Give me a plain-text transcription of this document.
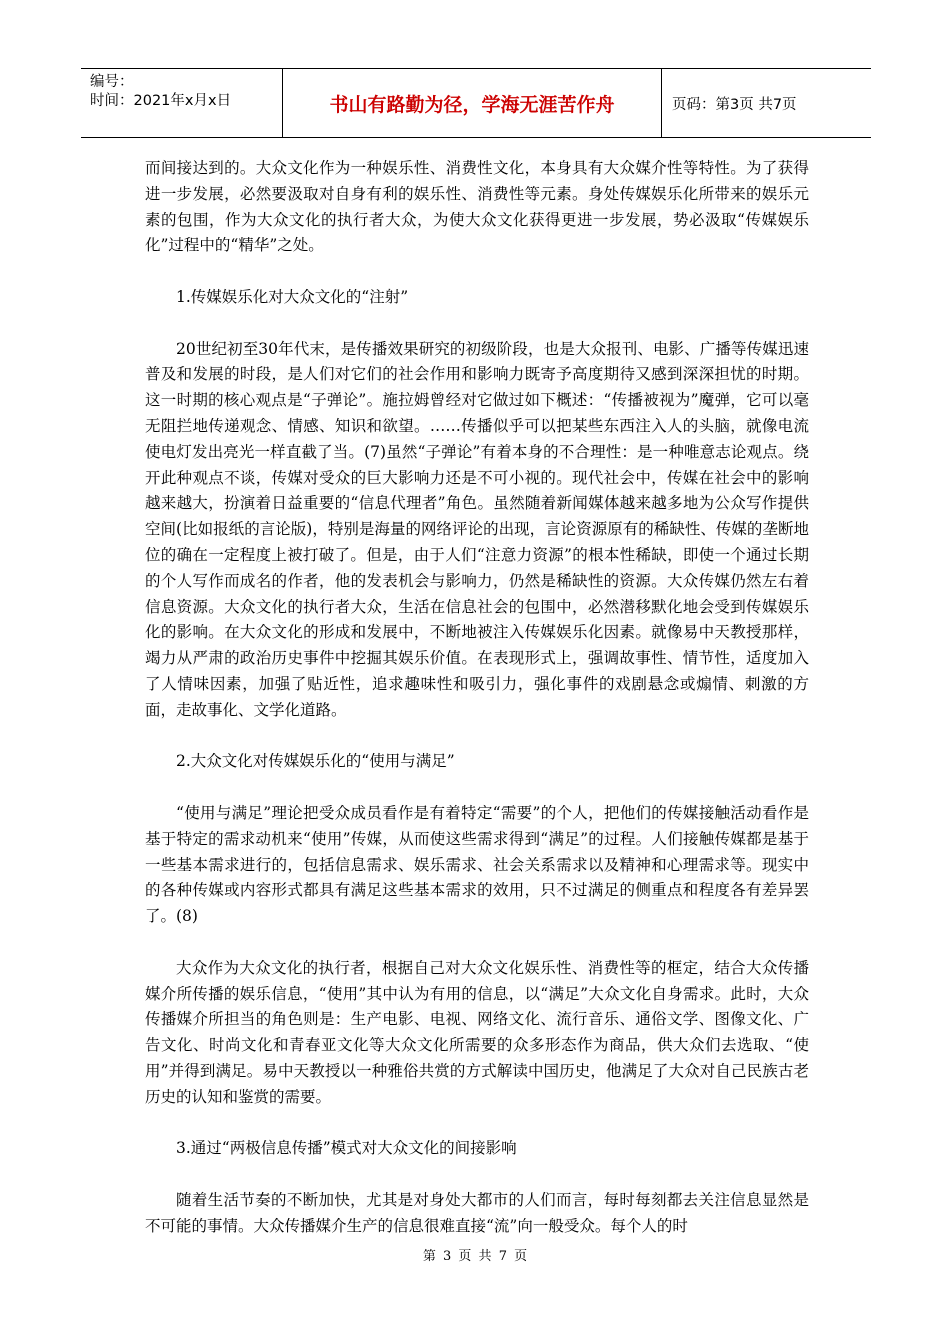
编号：
时间：2021年x月x日	书山有路勤为径，学海无涯苦作舟	页码：第3页 共7页

而间接达到的。大众文化作为一种娱乐性、消费性文化，本身具有大众媒介性等特性。为了获得进一步发展，必然要汲取对自身有利的娱乐性、消费性等元素。身处传媒娱乐化所带来的娱乐元素的包围，作为大众文化的执行者大众，为使大众文化获得更进一步发展，势必汲取“传媒娱乐化”过程中的“精华”之处。

1.传媒娱乐化对大众文化的“注射”

20世纪初至30年代末，是传播效果研究的初级阶段，也是大众报刊、电影、广播等传媒迅速普及和发展的时段，是人们对它们的社会作用和影响力既寄予高度期待又感到深深担忧的时期。这一时期的核心观点是“子弹论”。施拉姆曾经对它做过如下概述：“传播被视为”魔弹，它可以毫无阻拦地传递观念、情感、知识和欲望。……传播似乎可以把某些东西注入人的头脑，就像电流使电灯发出亮光一样直截了当。(7)虽然“子弹论”有着本身的不合理性：是一种唯意志论观点。绕开此种观点不谈，传媒对受众的巨大影响力还是不可小视的。现代社会中，传媒在社会中的影响越来越大，扮演着日益重要的“信息代理者”角色。虽然随着新闻媒体越来越多地为公众写作提供空间(比如报纸的言论版)，特别是海量的网络评论的出现，言论资源原有的稀缺性、传媒的垄断地位的确在一定程度上被打破了。但是，由于人们“注意力资源”的根本性稀缺，即使一个通过长期的个人写作而成名的作者，他的发表机会与影响力，仍然是稀缺性的资源。大众传媒仍然左右着信息资源。大众文化的执行者大众，生活在信息社会的包围中，必然潜移默化地会受到传媒娱乐化的影响。在大众文化的形成和发展中，不断地被注入传媒娱乐化因素。就像易中天教授那样，竭力从严肃的政治历史事件中挖掘其娱乐价值。在表现形式上，强调故事性、情节性，适度加入了人情味因素，加强了贴近性，追求趣味性和吸引力，强化事件的戏剧悬念或煽情、刺激的方面，走故事化、文学化道路。

2.大众文化对传媒娱乐化的“使用与满足”

“使用与满足”理论把受众成员看作是有着特定“需要”的个人，把他们的传媒接触活动看作是基于特定的需求动机来“使用”传媒，从而使这些需求得到“满足”的过程。人们接触传媒都是基于一些基本需求进行的，包括信息需求、娱乐需求、社会关系需求以及精神和心理需求等。现实中的各种传媒或内容形式都具有满足这些基本需求的效用，只不过满足的侧重点和程度各有差异罢了。(8)

大众作为大众文化的执行者，根据自己对大众文化娱乐性、消费性等的框定，结合大众传播媒介所传播的娱乐信息，“使用”其中认为有用的信息，以“满足”大众文化自身需求。此时，大众传播媒介所担当的角色则是：生产电影、电视、网络文化、流行音乐、通俗文学、图像文化、广告文化、时尚文化和青春亚文化等大众文化所需要的众多形态作为商品，供大众们去选取、“使用”并得到满足。易中天教授以一种雅俗共赏的方式解读中国历史，他满足了大众对自己民族古老历史的认知和鉴赏的需要。

3.通过“两极信息传播”模式对大众文化的间接影响

随着生活节奏的不断加快，尤其是对身处大都市的人们而言，每时每刻都去关注信息显然是不可能的事情。大众传播媒介生产的信息很难直接“流”向一般受众。每个人的时

第 3 页 共 7 页
